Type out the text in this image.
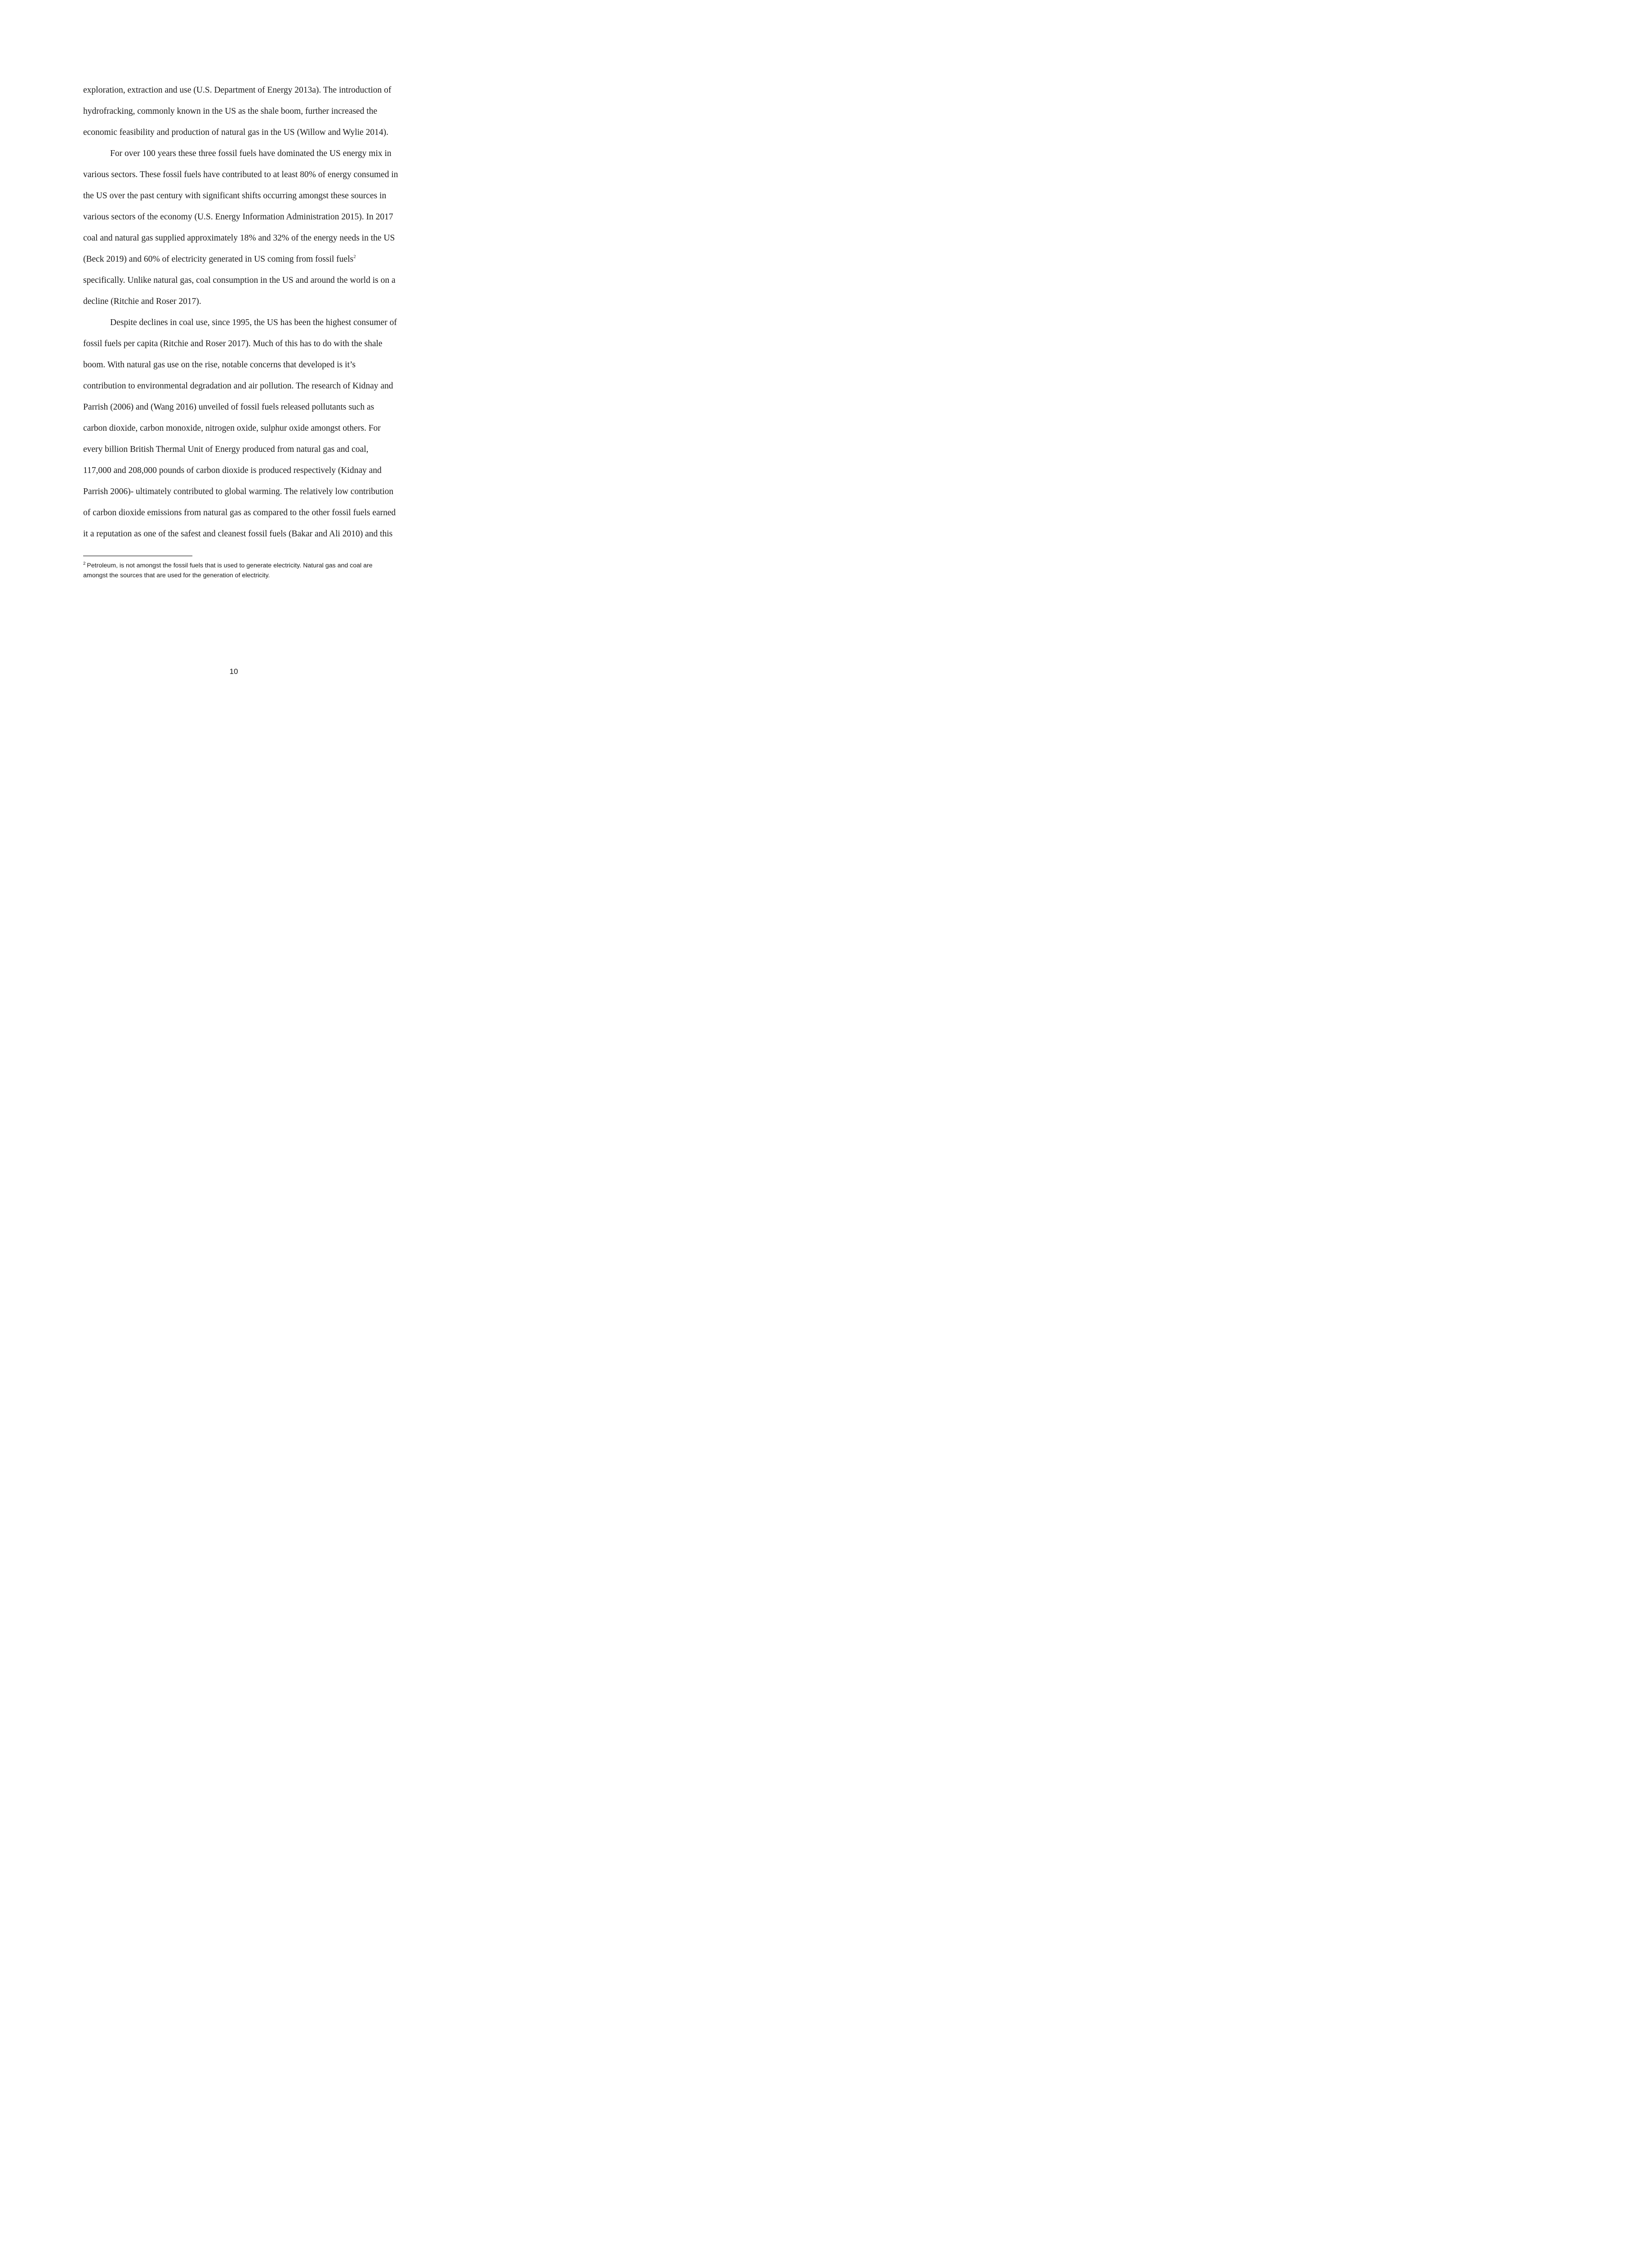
exploration, extraction and use (U.S. Department of Energy 2013a). The introduction of
hydrofracking, commonly known in the US as the shale boom, further increased the
economic feasibility and production of natural gas in the US (Willow and Wylie 2014).
For over 100 years these three fossil fuels have dominated the US energy mix in
various sectors. These fossil fuels have contributed to at least 80% of energy consumed in
the US over the past century with significant shifts occurring amongst these sources in
various sectors of the economy (U.S. Energy Information Administration 2015). In 2017
coal and natural gas supplied approximately 18% and 32% of the energy needs in the US
(Beck 2019) and 60% of electricity generated in US coming from fossil fuels$^2$
specifically. Unlike natural gas, coal consumption in the US and around the world is on a
decline (Ritchie and Roser 2017).
Despite declines in coal use, since 1995, the US has been the highest consumer of
fossil fuels per capita (Ritchie and Roser 2017). Much of this has to do with the shale
boom. With natural gas use on the rise, notable concerns that developed is it’s
contribution to environmental degradation and air pollution. The research of Kidnay and
Parrish (2006) and (Wang 2016) unveiled of fossil fuels released pollutants such as
carbon dioxide, carbon monoxide, nitrogen oxide, sulphur oxide amongst others. For
every billion British Thermal Unit of Energy produced from natural gas and coal,
117,000 and 208,000 pounds of carbon dioxide is produced respectively (Kidnay and
Parrish 2006)- ultimately contributed to global warming. The relatively low contribution
of carbon dioxide emissions from natural gas as compared to the other fossil fuels earned
it a reputation as one of the safest and cleanest fossil fuels (Bakar and Ali 2010) and this
$^2$ Petroleum, is not amongst the fossil fuels that is used to generate electricity. Natural gas and coal are
amongst the sources that are used for the generation of electricity.
10
